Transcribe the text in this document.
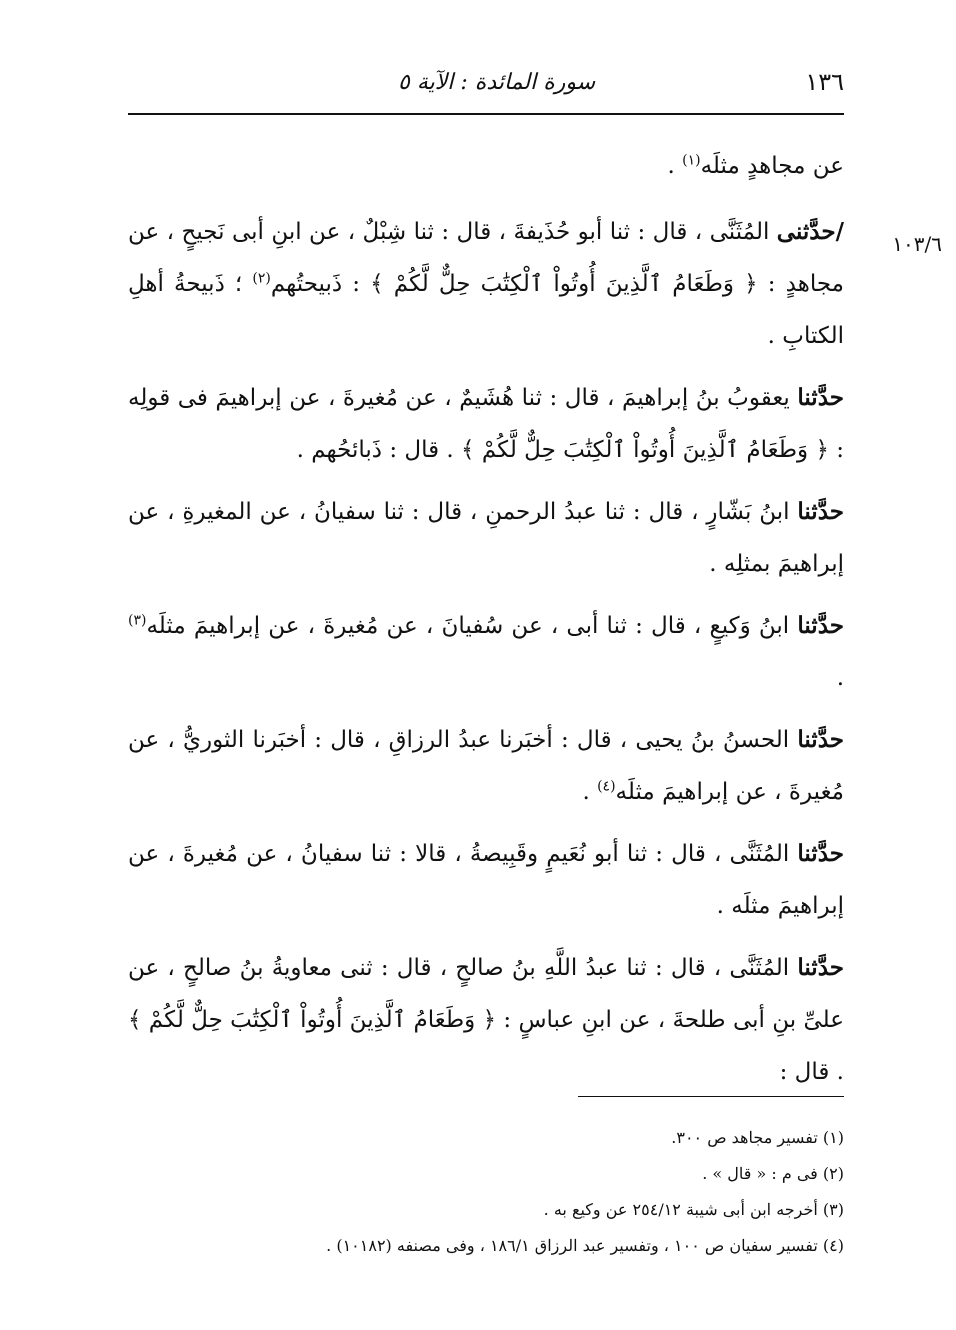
١٣٦
سورة المائدة : الآية ٥
١٠٣/٦

عن مجاهدٍ مثلَه$^{(١)}$ .

/حدَّثنى المُثَنَّى ، قال : ثنا أبو حُذَيفةَ ، قال : ثنا شِبْلٌ ، عن ابنِ أبى نَجيحٍ ، عن مجاهدٍ : ﴿ وَطَعَامُ ٱلَّذِينَ أُوتُواْ ٱلْكِتَٰبَ حِلٌّ لَّكُمْ ﴾ : ذَبيحتُهم$^{(٢)}$ ؛ ذَبيحةُ أهلِ الكتابِ .

حدَّثنا يعقوبُ بنُ إبراهيمَ ، قال : ثنا هُشَيمٌ ، عن مُغيرةَ ، عن إبراهيمَ فى قولِه : ﴿ وَطَعَامُ ٱلَّذِينَ أُوتُواْ ٱلْكِتَٰبَ حِلٌّ لَّكُمْ ﴾ . قال : ذَبائحُهم .

حدَّثنا ابنُ بَشّارٍ ، قال : ثنا عبدُ الرحمنِ ، قال : ثنا سفيانُ ، عن المغيرةِ ، عن إبراهيمَ بمثلِه .

حدَّثنا ابنُ وَكيعٍ ، قال : ثنا أبى ، عن سُفيانَ ، عن مُغيرةَ ، عن إبراهيمَ مثلَه$^{(٣)}$ .

حدَّثنا الحسنُ بنُ يحيى ، قال : أخبَرنا عبدُ الرزاقِ ، قال : أخبَرنا الثوريُّ ، عن مُغيرةَ ، عن إبراهيمَ مثلَه$^{(٤)}$ .

حدَّثنا المُثَنَّى ، قال : ثنا أبو نُعَيمٍ وقَبِيصةُ ، قالا : ثنا سفيانُ ، عن مُغيرةَ ، عن إبراهيمَ مثلَه .

حدَّثنا المُثَنَّى ، قال : ثنا عبدُ اللَّهِ بنُ صالحٍ ، قال : ثنى معاويةُ بنُ صالحٍ ، عن علىِّ بنِ أبى طلحةَ ، عن ابنِ عباسٍ : ﴿ وَطَعَامُ ٱلَّذِينَ أُوتُواْ ٱلْكِتَٰبَ حِلٌّ لَّكُمْ ﴾ . قال :

(١) تفسير مجاهد ص ٣٠٠.

(٢) فى م : « قال » .

(٣) أخرجه ابن أبى شيبة ٢٥٤/١٢ عن وكيع به .

(٤) تفسير سفيان ص ١٠٠ ، وتفسير عبد الرزاق ١٨٦/١ ، وفى مصنفه (١٠١٨٢) .
